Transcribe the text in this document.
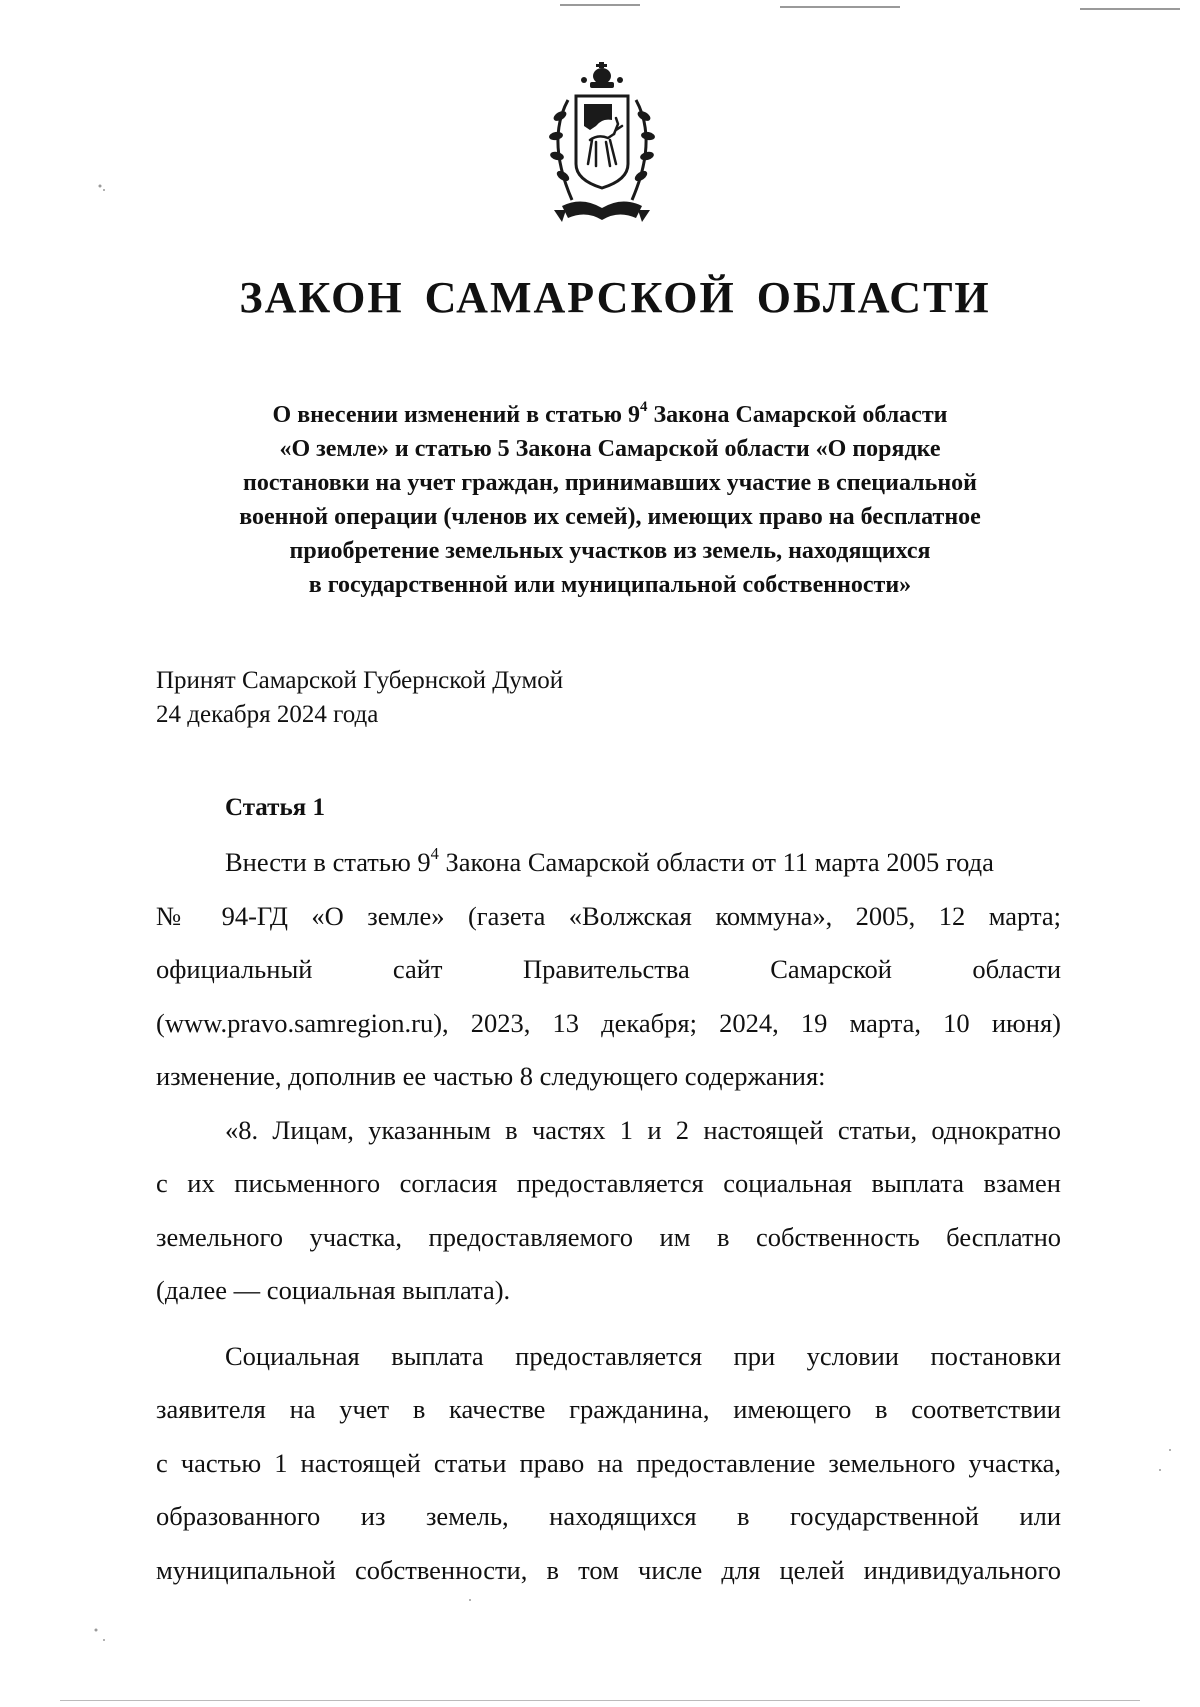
ЗАКОН САМАРСКОЙ ОБЛАСТИ
О внесении изменений в статью $9^4$ Закона Самарской области
«О земле» и статью 5 Закона Самарской области «О порядке
постановки на учет граждан, принимавших участие в специальной
военной операции (членов их семей), имеющих право на бесплатное
приобретение земельных участков из земель, находящихся
в государственной или муниципальной собственности»
Принят Самарской Губернской Думой
24 декабря 2024 года
Статья 1
Внести в статью $9^4$ Закона Самарской области от 11 марта 2005 года
№ 94-ГД «О земле» (газета «Волжская коммуна», 2005, 12 марта;
официальный сайт Правительства Самарской области
(www.pravo.samregion.ru), 2023, 13 декабря; 2024, 19 марта, 10 июня)
изменение, дополнив ее частью 8 следующего содержания:
«8. Лицам, указанным в частях 1 и 2 настоящей статьи, однократно
с их письменного согласия предоставляется социальная выплата взамен
земельного участка, предоставляемого им в собственность бесплатно
(далее — социальная выплата).
Социальная выплата предоставляется при условии постановки
заявителя на учет в качестве гражданина, имеющего в соответствии
с частью 1 настоящей статьи право на предоставление земельного участка,
образованного из земель, находящихся в государственной или
муниципальной собственности, в том числе для целей индивидуального
